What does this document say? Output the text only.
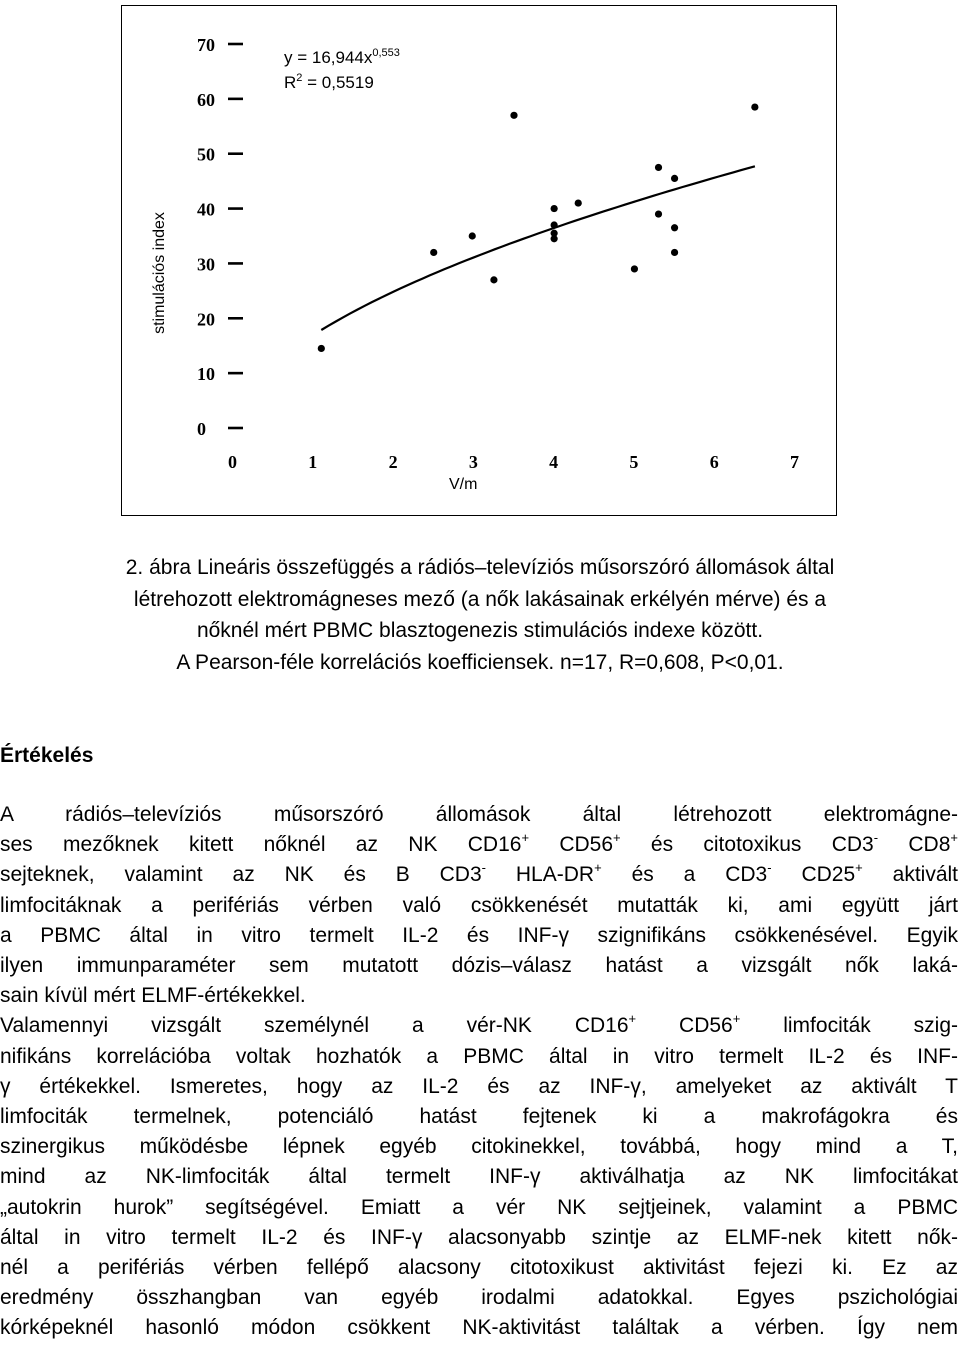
0
10
20
30
40
50
60
70
0	1	2	3	4	5	6	7
$y = 16,944x^{0,553}$
$R^2 = 0,5519$
stimulációs index
V/m
2. ábra Lineáris összefüggés a rádiós–televíziós műsorszóró állomások által
létrehozott elektromágneses mező (a nők lakásainak erkélyén mérve) és a
nőknél mért PBMC blasztogenezis stimulációs indexe között.
A Pearson-féle korrelációs koefficiensek. n=17, R=0,608, P<0,01.
Értékelés
A rádiós–televíziós műsorszóró állomások által létrehozott elektromágne-
ses mezőknek kitett nőknél az NK CD16+ CD56+ és citotoxikus CD3- CD8+
sejteknek, valamint az NK és B CD3- HLA-DR+ és a CD3- CD25+ aktivált
limfocitáknak a perifériás vérben való csökkenését mutatták ki, ami együtt járt
a PBMC által in vitro termelt IL-2 és INF-γ szignifikáns csökkenésével. Egyik
ilyen immunparaméter sem mutatott dózis–válasz hatást a vizsgált nők laká-
sain kívül mért ELMF-értékekkel.
Valamennyi vizsgált személynél a vér-NK CD16+ CD56+ limfociták szig-
nifikáns korrelációba voltak hozhatók a PBMC által in vitro termelt IL-2 és INF-
γ értékekkel. Ismeretes, hogy az IL-2 és az INF-γ, amelyeket az aktivált T
limfociták termelnek, potenciáló hatást fejtenek ki a makrofágokra és
szinergikus működésbe lépnek egyéb citokinekkel, továbbá, hogy mind a T,
mind az NK-limfociták által termelt INF-γ aktiválhatja az NK limfocitákat
„autokrin hurok” segítségével. Emiatt a vér NK sejtjeinek, valamint a PBMC
által in vitro termelt IL-2 és INF-γ alacsonyabb szintje az ELMF-nek kitett nők-
nél a perifériás vérben fellépő alacsony citotoxikust aktivitást fejezi ki. Ez az
eredmény összhangban van egyéb irodalmi adatokkal. Egyes pszichológiai
kórképeknél hasonló módon csökkent NK-aktivitást találtak a vérben. Így nem
